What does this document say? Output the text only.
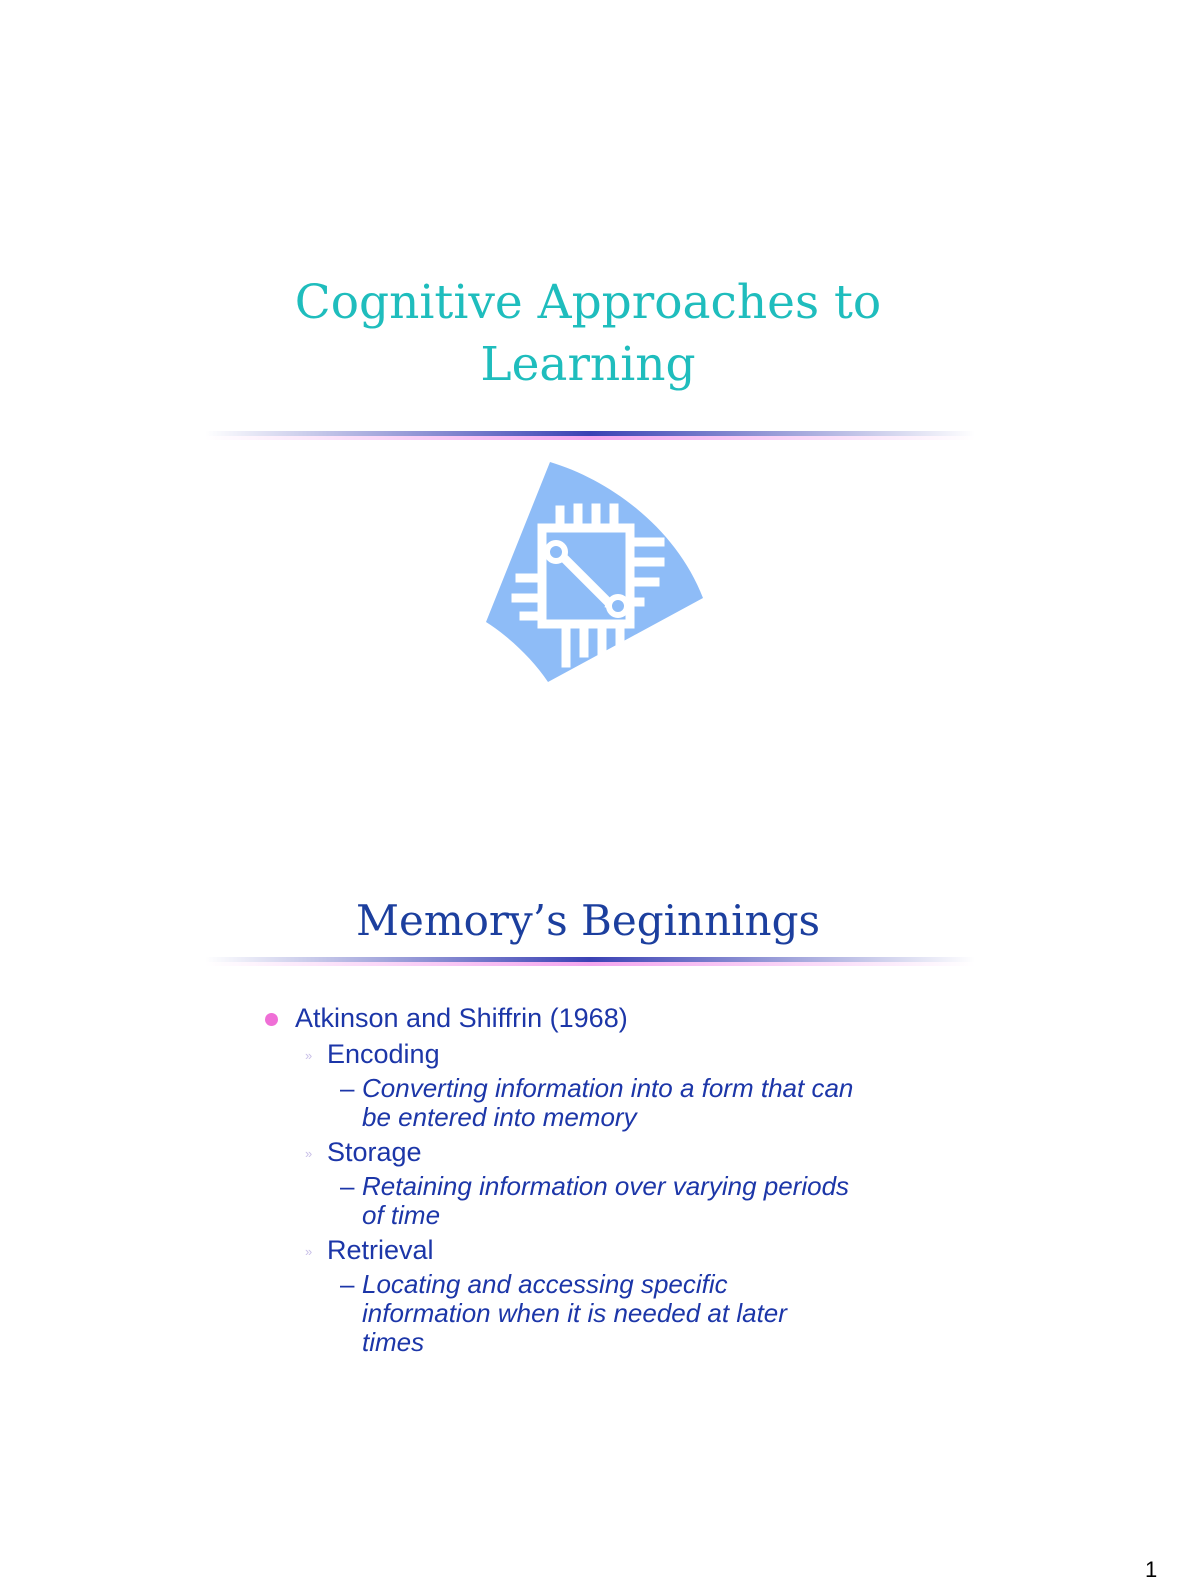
Cognitive Approaches to
Learning
Memory’s Beginnings
Atkinson and Shiffrin (1968)
» Encoding
– Converting information into a form that can
be entered into memory
» Storage
– Retaining information over varying periods
of time
» Retrieval
– Locating and accessing specific
information when it is needed at later
times
1
